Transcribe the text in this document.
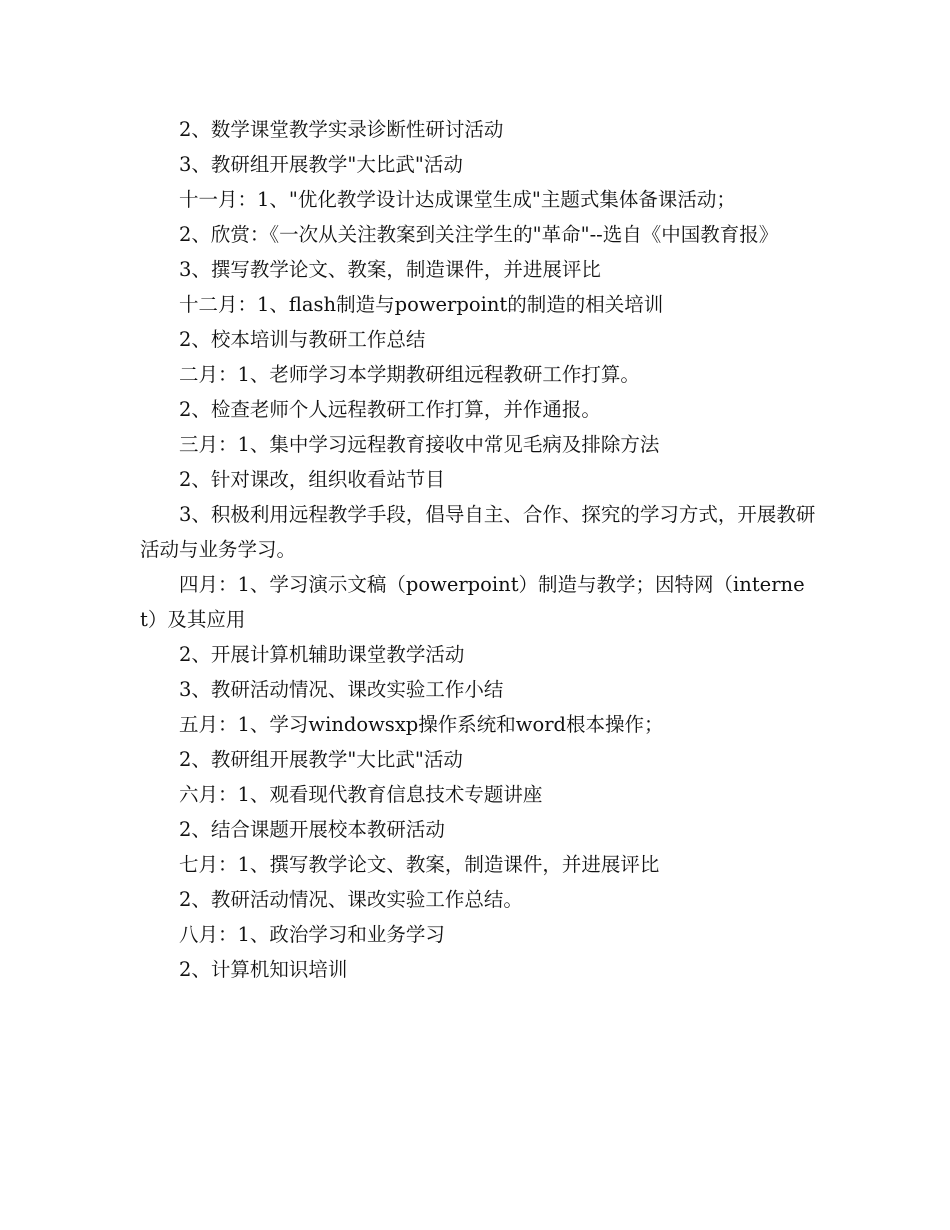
2、数学课堂教学实录诊断性研讨活动

3、教研组开展教学"大比武"活动

十一月：1、"优化教学设计达成课堂生成"主题式集体备课活动；

2、欣赏：《一次从关注教案到关注学生的"革命"--选自《中国教育报》

3、撰写教学论文、教案，制造课件，并进展评比

十二月：1、flash制造与powerpoint的制造的相关培训

2、校本培训与教研工作总结

二月：1、老师学习本学期教研组远程教研工作打算。

2、检查老师个人远程教研工作打算，并作通报。

三月：1、集中学习远程教育接收中常见毛病及排除方法

2、针对课改，组织收看站节目

3、积极利用远程教学手段，倡导自主、合作、探究的学习方式，开展教研活动与业务学习。

四月：1、学习演示文稿（powerpoint）制造与教学；因特网（internet）及其应用

2、开展计算机辅助课堂教学活动

3、教研活动情况、课改实验工作小结

五月：1、学习windowsxp操作系统和word根本操作；

2、教研组开展教学"大比武"活动

六月：1、观看现代教育信息技术专题讲座

2、结合课题开展校本教研活动

七月：1、撰写教学论文、教案，制造课件，并进展评比

2、教研活动情况、课改实验工作总结。

八月：1、政治学习和业务学习

2、计算机知识培训
